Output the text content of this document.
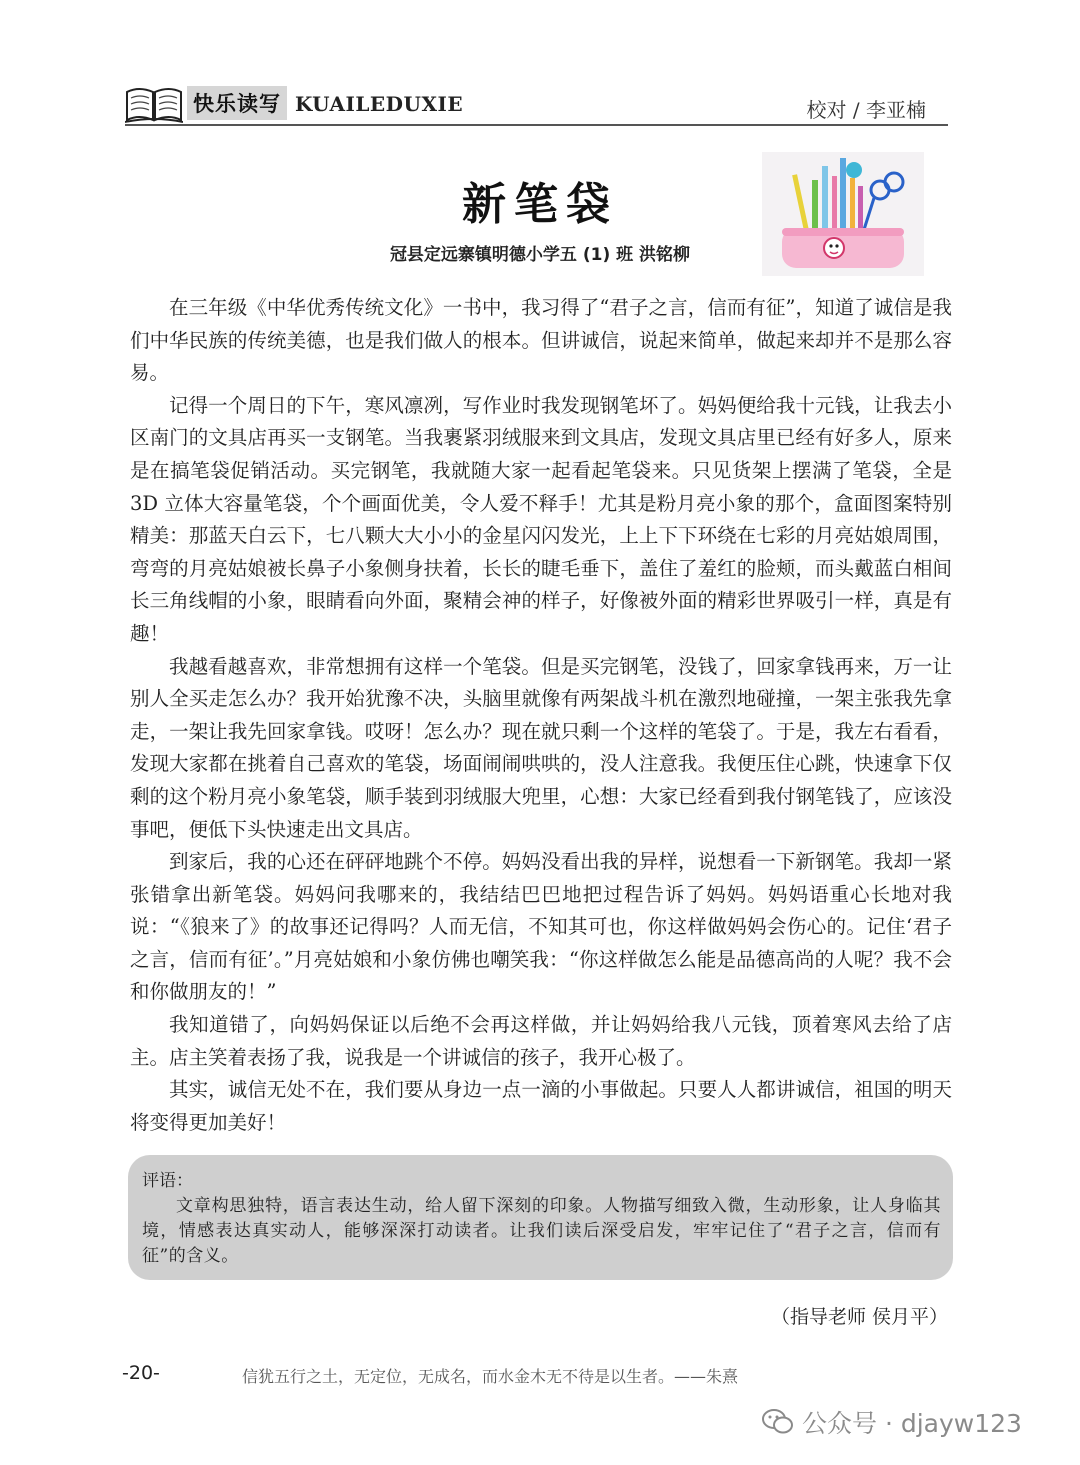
快乐读写 KUAILEDUXIE	校对 / 李亚楠
新笔袋
冠县定远寨镇明德小学五 (1) 班 洪铭柳

在三年级《中华优秀传统文化》一书中，我习得了“君子之言，信而有征”，知道了诚信是我们中华民族的传统美德，也是我们做人的根本。但讲诚信，说起来简单，做起来却并不是那么容易。

记得一个周日的下午，寒风凛冽，写作业时我发现钢笔坏了。妈妈便给我十元钱，让我去小区南门的文具店再买一支钢笔。当我裹紧羽绒服来到文具店，发现文具店里已经有好多人，原来是在搞笔袋促销活动。买完钢笔，我就随大家一起看起笔袋来。只见货架上摆满了笔袋，全是 3D 立体大容量笔袋，个个画面优美，令人爱不释手！尤其是粉月亮小象的那个，盒面图案特别精美：那蓝天白云下，七八颗大大小小的金星闪闪发光，上上下下环绕在七彩的月亮姑娘周围，弯弯的月亮姑娘被长鼻子小象侧身扶着，长长的睫毛垂下，盖住了羞红的脸颊，而头戴蓝白相间长三角线帽的小象，眼睛看向外面，聚精会神的样子，好像被外面的精彩世界吸引一样，真是有趣！

我越看越喜欢，非常想拥有这样一个笔袋。但是买完钢笔，没钱了，回家拿钱再来，万一让别人全买走怎么办？我开始犹豫不决，头脑里就像有两架战斗机在激烈地碰撞，一架主张我先拿走，一架让我先回家拿钱。哎呀！怎么办？现在就只剩一个这样的笔袋了。于是，我左右看看，发现大家都在挑着自己喜欢的笔袋，场面闹闹哄哄的，没人注意我。我便压住心跳，快速拿下仅剩的这个粉月亮小象笔袋，顺手装到羽绒服大兜里，心想：大家已经看到我付钢笔钱了，应该没事吧，便低下头快速走出文具店。

到家后，我的心还在砰砰地跳个不停。妈妈没看出我的异样，说想看一下新钢笔。我却一紧张错拿出新笔袋。妈妈问我哪来的，我结结巴巴地把过程告诉了妈妈。妈妈语重心长地对我说：“《狼来了》的故事还记得吗？人而无信，不知其可也，你这样做妈妈会伤心的。记住‘君子之言，信而有征’。”月亮姑娘和小象仿佛也嘲笑我：“你这样做怎么能是品德高尚的人呢？我不会和你做朋友的！”

我知道错了，向妈妈保证以后绝不会再这样做，并让妈妈给我八元钱，顶着寒风去给了店主。店主笑着表扬了我，说我是一个讲诚信的孩子，我开心极了。

其实，诚信无处不在，我们要从身边一点一滴的小事做起。只要人人都讲诚信，祖国的明天将变得更加美好！

评语：

文章构思独特，语言表达生动，给人留下深刻的印象。人物描写细致入微，生动形象，让人身临其境，情感表达真实动人，能够深深打动读者。让我们读后深受启发，牢牢记住了“君子之言，信而有征”的含义。

（指导老师 侯月平）
-20-	信犹五行之土，无定位，无成名，而水金木无不待是以生者。——朱熹
公众号 · djayw123
